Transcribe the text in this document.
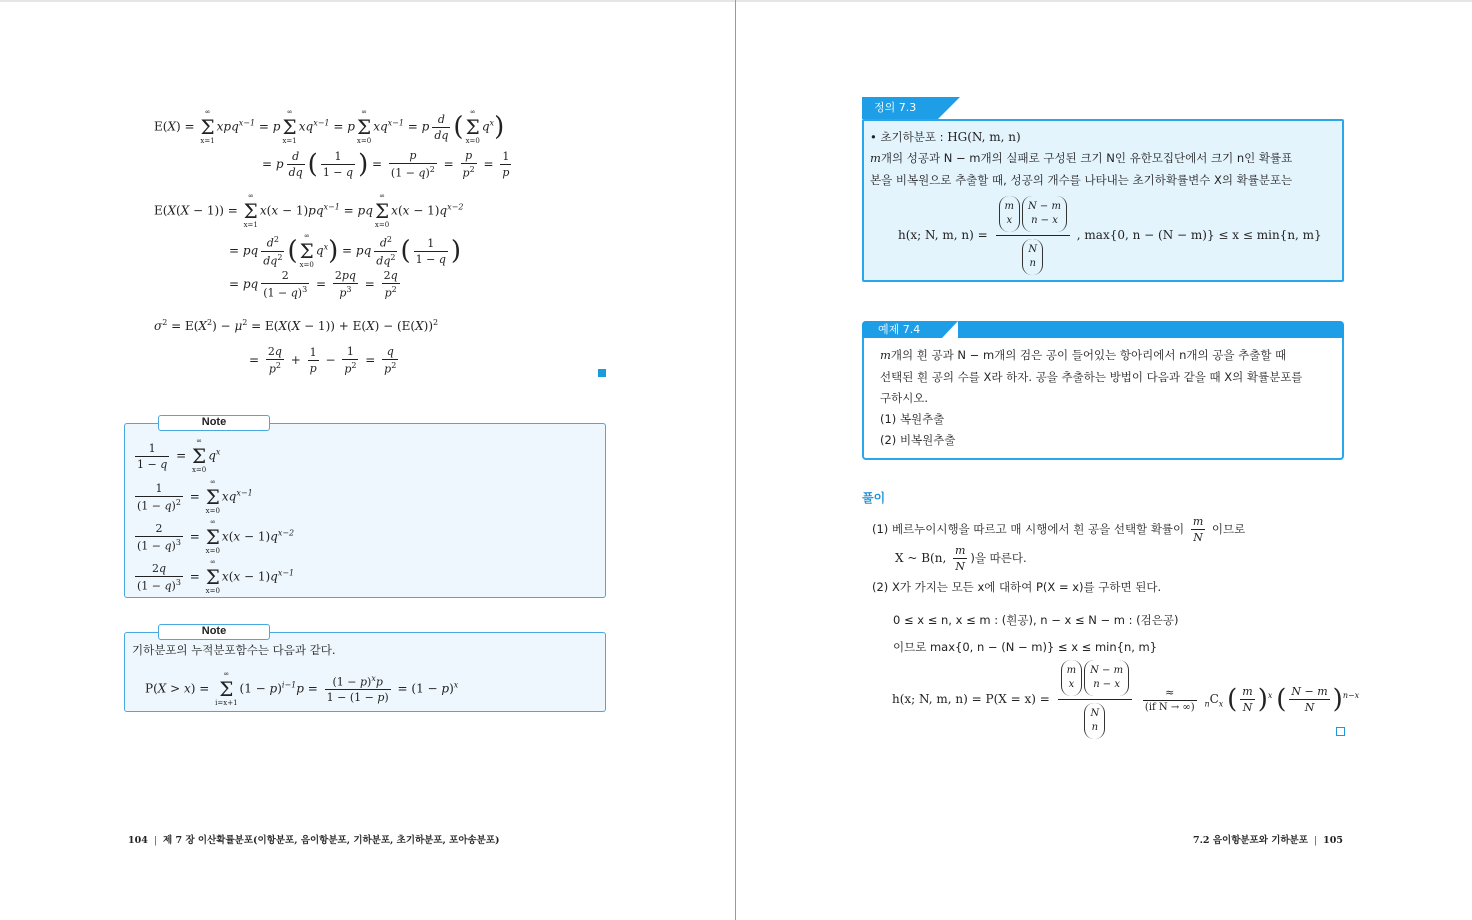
E(X) =
∞
Σ
x=1
xpq$^{x-1}$ = p
∞
Σ
x=1
$xq^{x-1} = p$
∞
Σ
x=0
$xq^{x-1} = p \frac{d}{dq}$ ( ∞
Σ
x=0
$q^x$)
= p $\frac{d}{dq}$ ( $\frac{1}{1 - q}$ ) = $\frac{p}{(1 - q)^2} = \frac{p}{p^2} = \frac{1}{p}$
E(X(X − 1)) =
∞
Σ
x=1
$x(x - 1)pq^{x-1}$ = pq
∞
Σ
x=0
$x(x - 1)q^{x-2}$
= pq $\frac{d^2}{dq^2}$ ( ∞
Σ
x=0
$q^x$) = pq $\frac{d^2}{dq^2}$ ( $\frac{1}{1 - q}$ )
= pq $\frac{2}{(1 - q)^3} = \frac{2pq}{p^3} = \frac{2q}{p^2}$
$\sigma^2 = E(X^2) - \mu^2 = E(X(X - 1)) + E(X) - (E(X))^2$
= $\frac{2q}{p^2} + \frac{1}{p} - \frac{1}{p^2} = \frac{q}{p^2}$
Note
$\frac{1}{1 - q}$ =
∞
Σ
x=0
$q^x$
$\frac{1}{(1 - q)^2}$ =
∞
Σ
x=0
$xq^{x-1}$
$\frac{2}{(1 - q)^3}$ =
∞
Σ
x=0
$x(x - 1)q^{x-2}$
$\frac{2q}{(1 - q)^3}$ =
∞
Σ
x=0
$x(x - 1)q^{x-1}$
Note
기하분포의 누적분포함수는 다음과 같다.
P(X > x) =
∞
Σ
i=x+1
$(1 - p)^{i-1}p = \frac{(1 - p)^xp}{1 - (1 - p)} = (1 - p)^x$
104 | 제 7 장 이산확률분포(이항분포, 음이항분포, 기하분포, 초기하분포, 포아송분포)
정의 7.3
• 초기하분포 : HG(N, m, n)
m개의 성공과 N − m개의 실패로 구성된 크기 N인 유한모집단에서 크기 n인 확률표
본을 비복원으로 추출할 때, 성공의 개수를 나타내는 초기하확률변수 X의 확률분포는
h(x; N, m, n) = m
x
N − m
n − x
N
n , max{0, n − (N − m)} ≤ x ≤ min{n, m}
예제 7.4
m개의 흰 공과 N − m개의 검은 공이 들어있는 항아리에서 n개의 공을 추출할 때
선택된 흰 공의 수를 X라 하자. 공을 추출하는 방법이 다음과 같을 때 X의 확률분포를
구하시오.
(1) 복원추출
(2) 비복원추출
풀이
(1) 베르누이시행을 따르고 매 시행에서 흰 공을 선택할 확률이 $\frac{m}{N}$ 이므로
X ~ B(n, $\frac{m}{N}$ )을 따른다.
(2) X가 가지는 모든 x에 대하여 P(X = x)를 구하면 된다.
0 ≤ x ≤ n, x ≤ m : (흰공), n − x ≤ N − m : (검은공)
이므로 max{0, n − (N − m)} ≤ x ≤ min{n, m}
h(x; N, m, n) = P(X = x) = m
x
N − m
n − x
N
n
$\frac{\approx}{\text{(if N → ∞)}} _nC_x$ ( $\frac{m}{N} )^x$ ( $\frac{N - m}{N} )^{n-x}$
7.2 음이항분포와 기하분포 | 105
